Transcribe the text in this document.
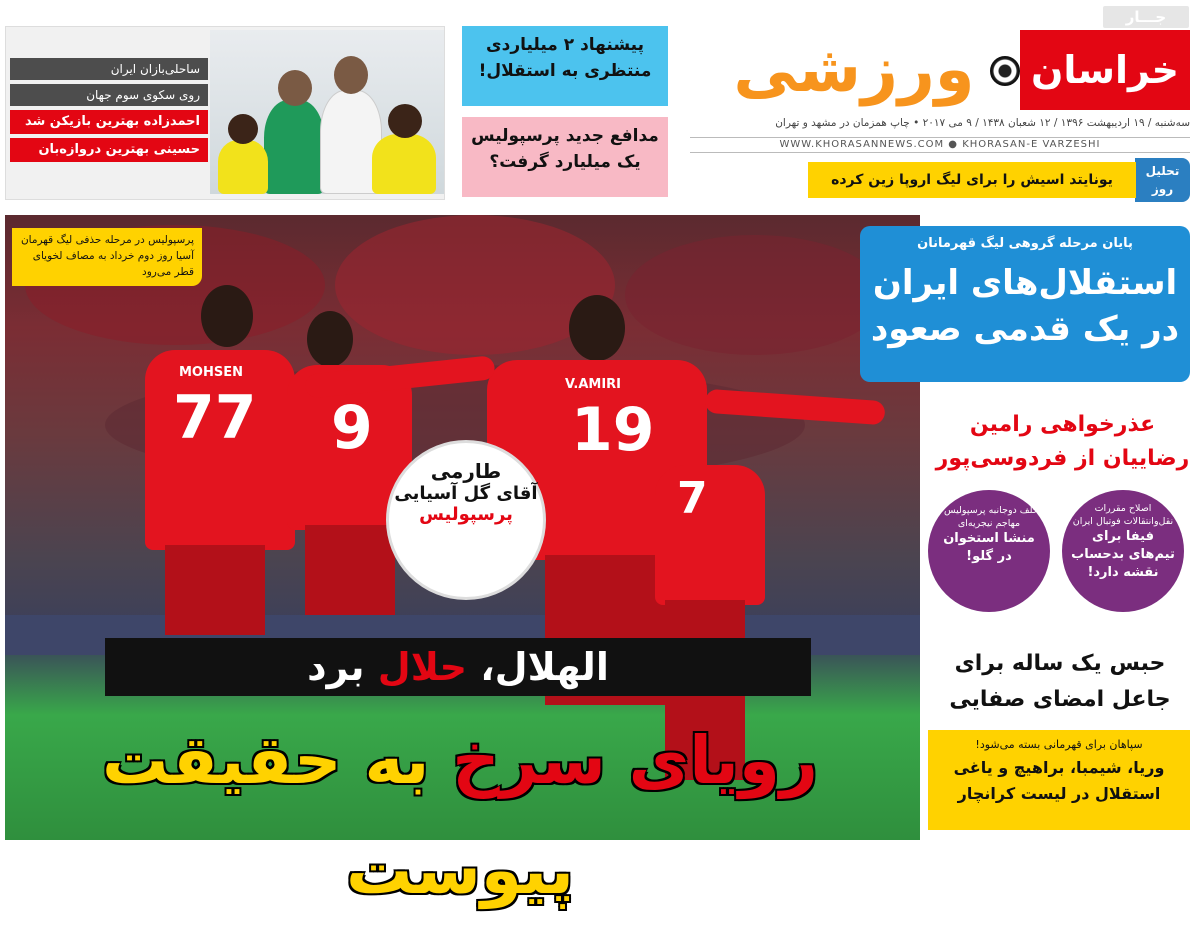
جـــار
خراسان
ورزشی
سه‌شنبه / ۱۹ اردیبهشت ۱۳۹۶ / ۱۲ شعبان ۱۴۳۸ / ۹ می ۲۰۱۷ • چاپ همزمان در مشهد و تهران
WWW.KHORASANNEWS.COM ● KHORASAN-E VARZESHI
تحلیل روز
یونایتد اسیش را برای لیگ اروپا زین کرده
پیشنهاد ۲ میلیاردی منتظری به استقلال!
مدافع جدید پرسپولیس یک میلیارد گرفت؟
ساحلی‌بازان ایران
روی سکوی سوم جهان
احمدزاده بهترین بازیکن شد
حسینی بهترین دروازه‌بان
MOHSEN
77 9
V.AMIRI
19
7
پرسپولیس در مرحله حذفی لیگ قهرمان آسیا روز دوم خرداد به مصاف لخویای قطر می‌رود
طارمی
آقای گل آسیایی
پرسپولیس
الهلال، حلال برد
رویای سرخ به حقیقت پیوست
پایان مرحله گروهی لیگ قهرمانان
استقلال‌های ایران
در یک قدمی صعود
عذرخواهی رامین
رضاییان از فردوسی‌پور
اصلاح مقررات نقل‌وانتقالات فوتبال ایران
فیفا برای تیم‌های بدحساب نقشه دارد!
تخلف دوجانبه پرسپولیس و مهاجم نیجریه‌ای
منشا استخوان در گلو!
حبس یک ساله برای
جاعل امضای صفایی
سپاهان برای قهرمانی بسته می‌شود!
وریا، شیمبا، براهیچ و یاغی
استقلال در لیست کرانچار
